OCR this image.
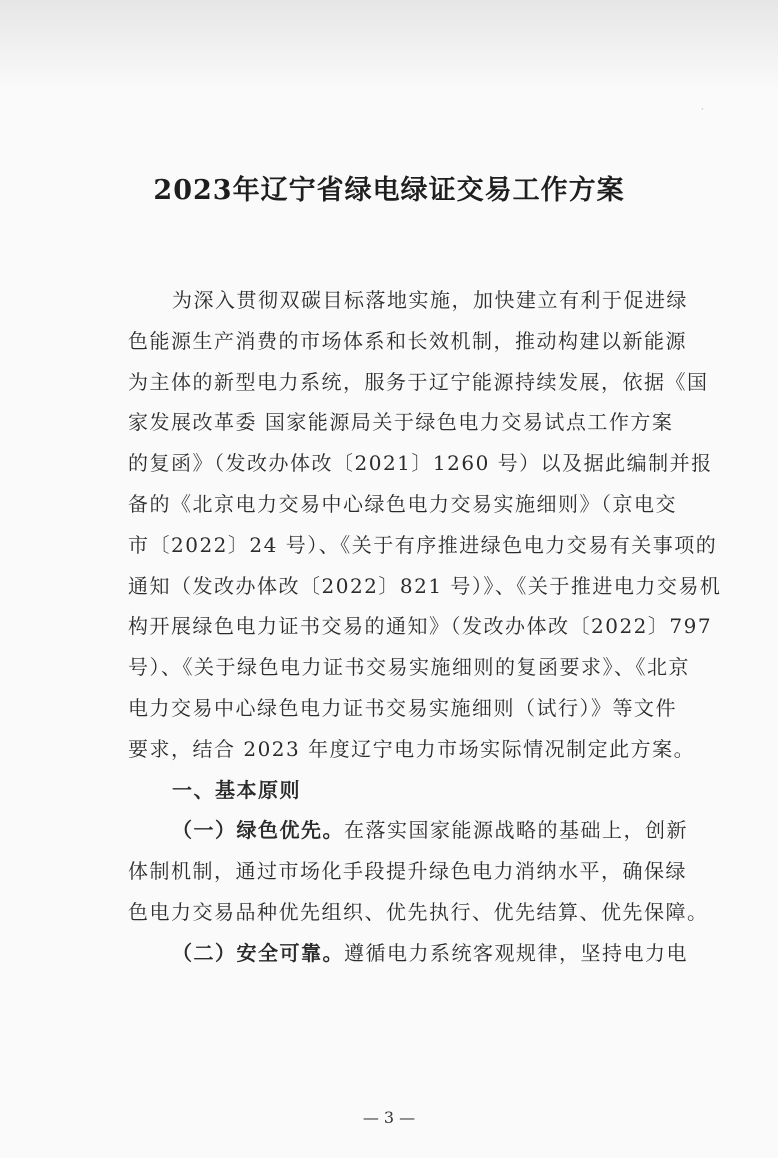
·
2023年辽宁省绿电绿证交易工作方案
为深入贯彻双碳目标落地实施，加快建立有利于促进绿
色能源生产消费的市场体系和长效机制，推动构建以新能源
为主体的新型电力系统，服务于辽宁能源持续发展，依据《国
家发展改革委 国家能源局关于绿色电力交易试点工作方案
的复函》（发改办体改〔2021〕1260 号）以及据此编制并报
备的《北京电力交易中心绿色电力交易实施细则》（京电交
市〔2022〕24 号）、《关于有序推进绿色电力交易有关事项的
通知（发改办体改〔2022〕821 号）》、《关于推进电力交易机
构开展绿色电力证书交易的通知》（发改办体改〔2022〕797
号）、《关于绿色电力证书交易实施细则的复函要求》、《北京
电力交易中心绿色电力证书交易实施细则（试行）》等文件
要求，结合 2023 年度辽宁电力市场实际情况制定此方案。
一、基本原则
（一）绿色优先。在落实国家能源战略的基础上，创新
体制机制，通过市场化手段提升绿色电力消纳水平，确保绿
色电力交易品种优先组织、优先执行、优先结算、优先保障。
（二）安全可靠。遵循电力系统客观规律，坚持电力电
— 3 —
